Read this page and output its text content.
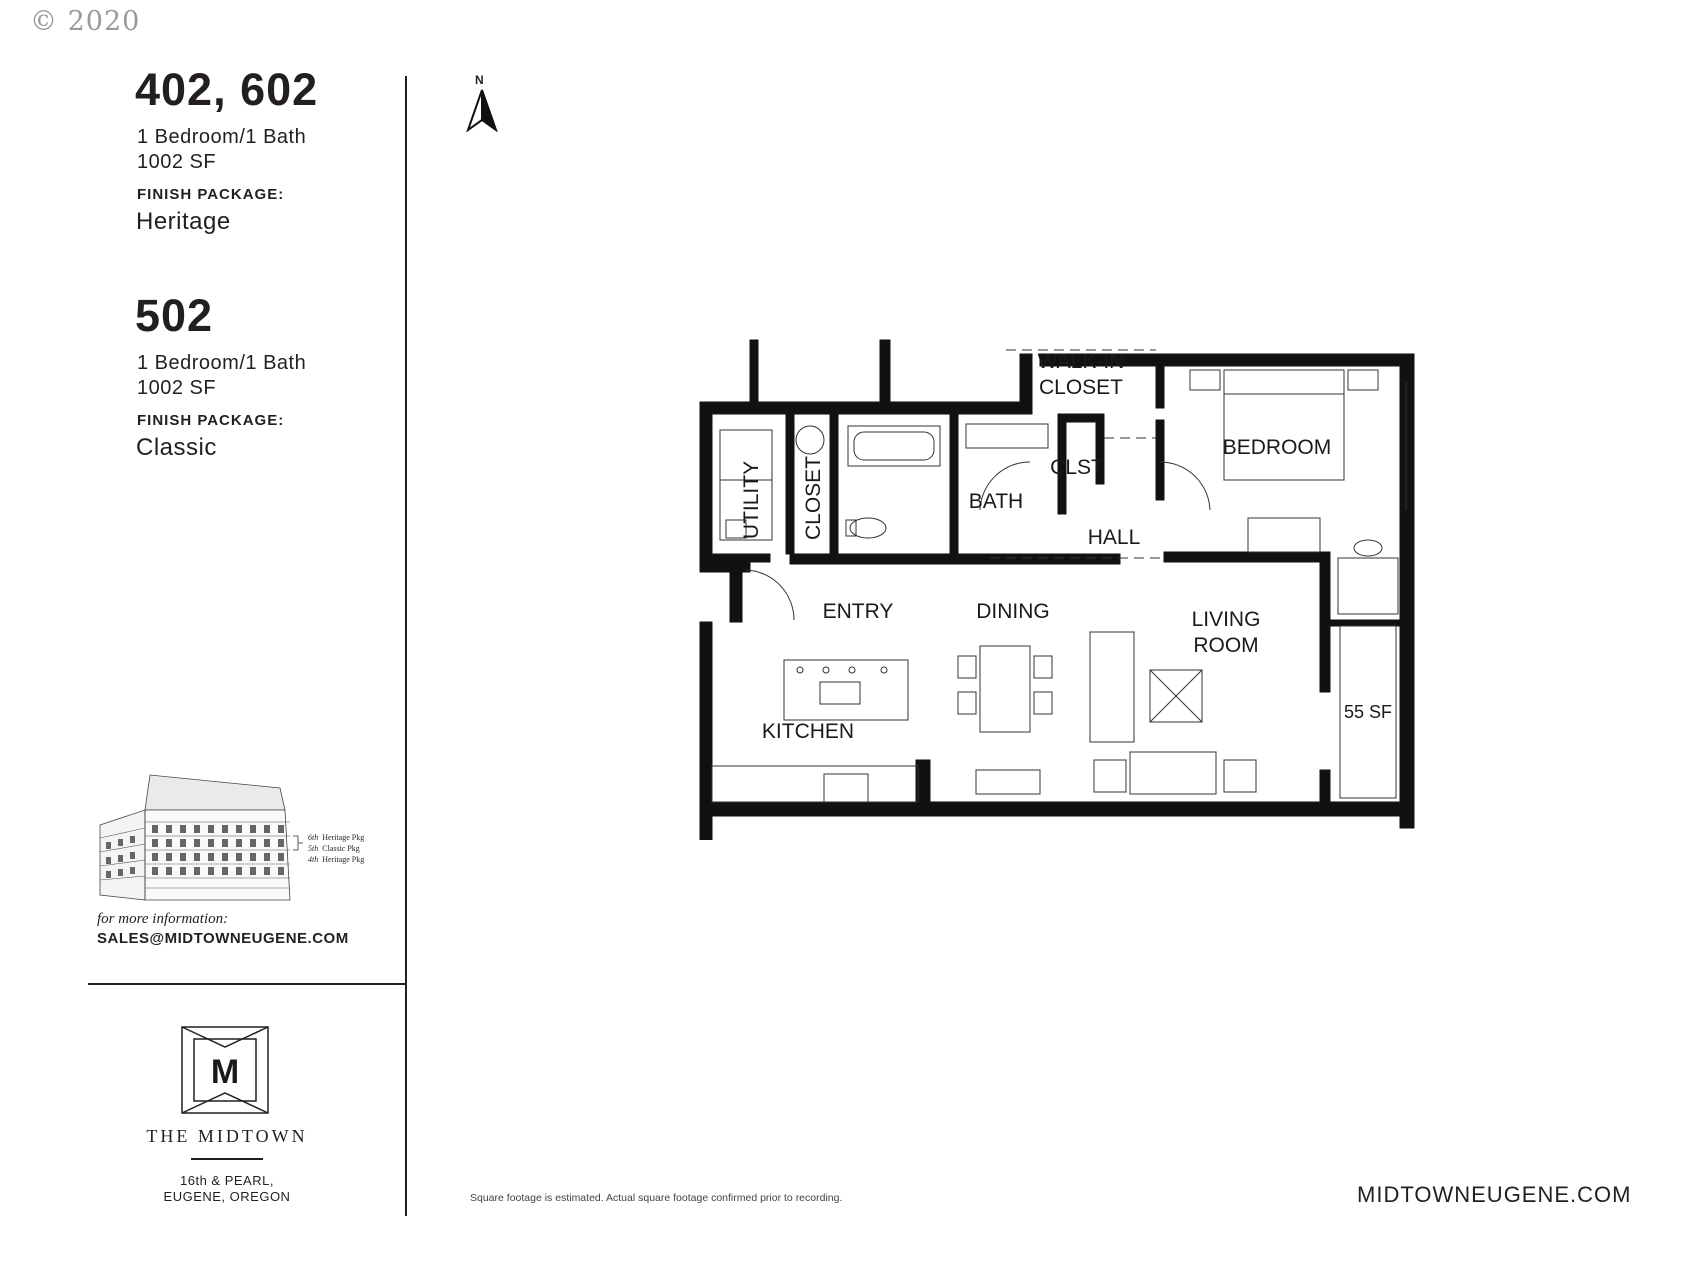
© 2020
402, 602
1 Bedroom/1 Bath
1002 SF
FINISH PACKAGE:
Heritage
502
1 Bedroom/1 Bath
1002 SF
FINISH PACKAGE:
Classic
6th Heritage Pkg
5th Classic Pkg
4th Heritage Pkg
for more information:
SALES@MIDTOWNEUGENE.COM
M
THE MIDTOWN
16th & PEARL,
EUGENE, OREGON
N
WALK-IN
CLOSET
BEDROOM
CLST
BATH
HALL
ENTRY	DINING	LIVING
ROOM
KITCHEN
55 SF
UTILITY CLOSET
Square footage is estimated. Actual square footage confirmed prior to recording.	MIDTOWNEUGENE.COM
